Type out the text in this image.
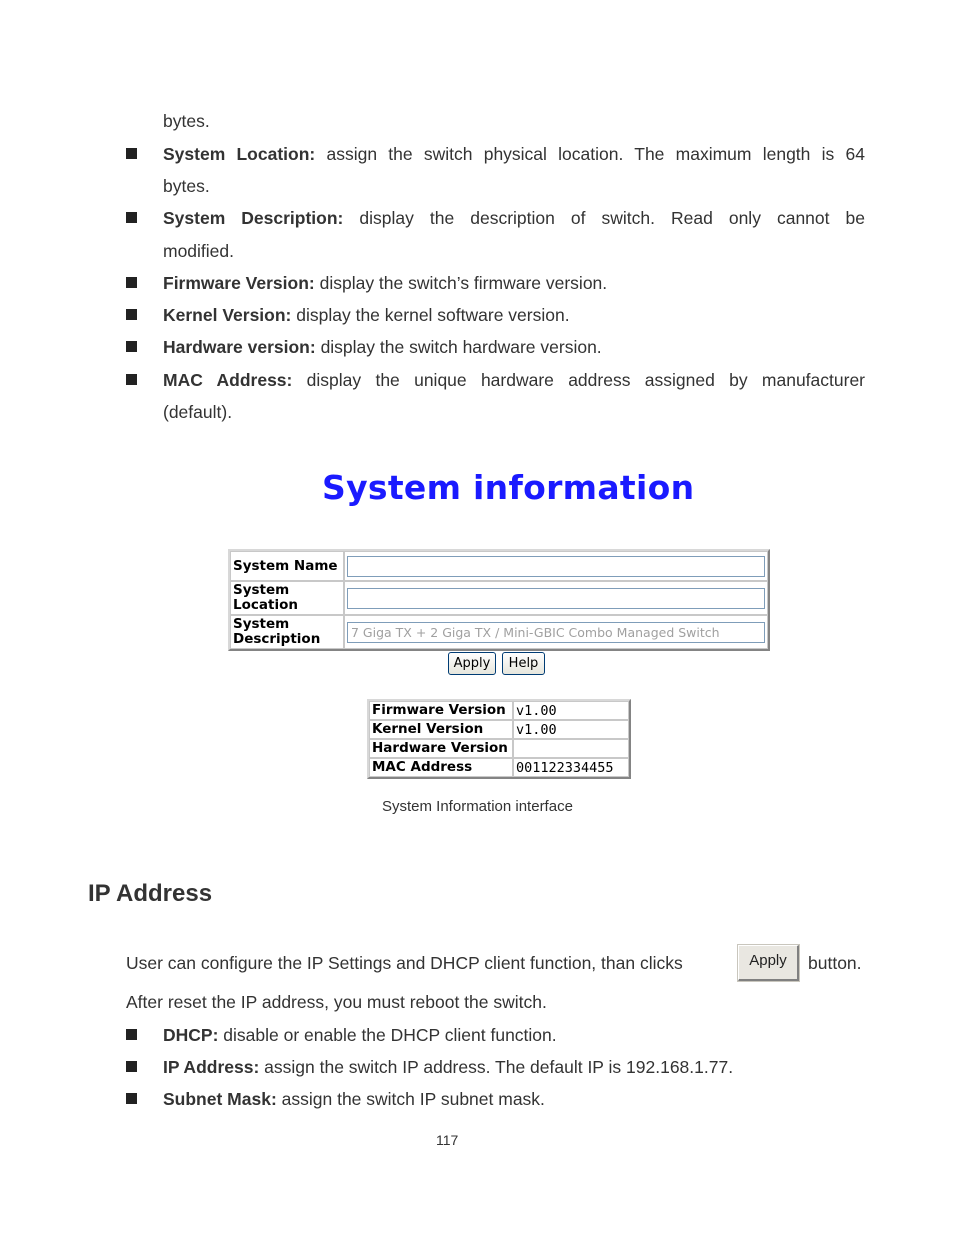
bytes.
System Location: assign the switch physical location. The maximum length is 64
bytes.
System Description: display the description of switch. Read only cannot be
modified.
Firmware Version: display the switch’s firmware version.
Kernel Version: display the kernel software version.
Hardware version: display the switch hardware version.
MAC Address: display the unique hardware address assigned by manufacturer
(default).
System information
System Name	

System Location	

System Description	7 Giga TX + 2 Giga TX / Mini-GBIC Combo Managed Switch
Apply	Help
Firmware Version	v1.00
Kernel Version	v1.00
Hardware Version	
MAC Address	001122334455
System Information interface
IP Address
User can configure the IP Settings and DHCP client function, than clicks	Apply	button.
After reset the IP address, you must reboot the switch.
DHCP: disable or enable the DHCP client function.
IP Address: assign the switch IP address. The default IP is 192.168.1.77.
Subnet Mask: assign the switch IP subnet mask.
117
